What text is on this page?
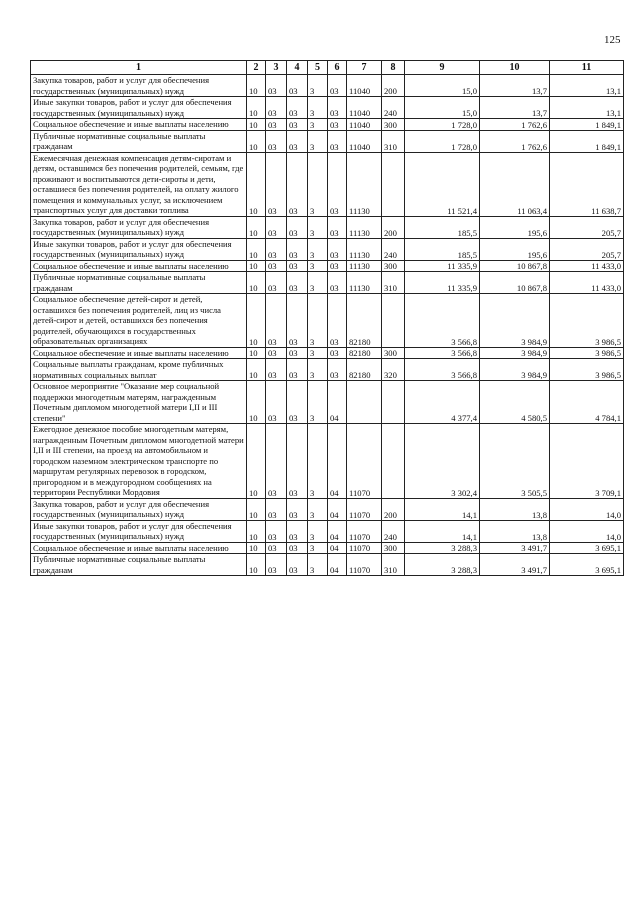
125
1	2	3	4	5	6	7	8	9	10	11
Закупка товаров, работ и услуг для обеспечения государственных (муниципальных) нужд	10	03	03	3	03	11040	200	15,0	13,7	13,1
Иные закупки товаров, работ и услуг для обеспечения государственных (муниципальных) нужд	10	03	03	3	03	11040	240	15,0	13,7	13,1
Социальное обеспечение и иные выплаты населению	10	03	03	3	03	11040	300	1 728,0	1 762,6	1 849,1
Публичные нормативные социальные выплаты гражданам	10	03	03	3	03	11040	310	1 728,0	1 762,6	1 849,1
Ежемесячная денежная компенсация детям-сиротам и детям, оставшимся без попечения родителей, семьям, где проживают и воспитываются дети-сироты и дети, оставшиеся без попечения родителей, на оплату жилого помещения и коммунальных услуг, за исключением транспортных услуг для доставки топлива	10	03	03	3	03	11130		11 521,4	11 063,4	11 638,7
Закупка товаров, работ и услуг для обеспечения государственных (муниципальных) нужд	10	03	03	3	03	11130	200	185,5	195,6	205,7
Иные закупки товаров, работ и услуг для обеспечения государственных (муниципальных) нужд	10	03	03	3	03	11130	240	185,5	195,6	205,7
Социальное обеспечение и иные выплаты населению	10	03	03	3	03	11130	300	11 335,9	10 867,8	11 433,0
Публичные нормативные социальные выплаты гражданам	10	03	03	3	03	11130	310	11 335,9	10 867,8	11 433,0
Социальное обеспечение детей-сирот и детей, оставшихся без попечения родителей, лиц из числа детей-сирот и детей, оставшихся без попечения родителей, обучающихся в государственных образовательных организациях	10	03	03	3	03	82180		3 566,8	3 984,9	3 986,5
Социальное обеспечение и иные выплаты населению	10	03	03	3	03	82180	300	3 566,8	3 984,9	3 986,5
Социальные выплаты гражданам, кроме публичных нормативных социальных выплат	10	03	03	3	03	82180	320	3 566,8	3 984,9	3 986,5
Основное мероприятие "Оказание мер социальной поддержки многодетным матерям, награжденным Почетным дипломом многодетной матери I,II и III степени"	10	03	03	3	04			4 377,4	4 580,5	4 784,1
Ежегодное денежное пособие многодетным матерям, награжденным Почетным дипломом многодетной матери I,II и III степени, на проезд на автомобильном и городском наземном электрическом транспорте по маршрутам регулярных перевозок в городском, пригородном и в междугородном сообщениях на территории Республики Мордовия	10	03	03	3	04	11070		3 302,4	3 505,5	3 709,1
Закупка товаров, работ и услуг для обеспечения государственных (муниципальных) нужд	10	03	03	3	04	11070	200	14,1	13,8	14,0
Иные закупки товаров, работ и услуг для обеспечения государственных (муниципальных) нужд	10	03	03	3	04	11070	240	14,1	13,8	14,0
Социальное обеспечение и иные выплаты населению	10	03	03	3	04	11070	300	3 288,3	3 491,7	3 695,1
Публичные нормативные социальные выплаты гражданам	10	03	03	3	04	11070	310	3 288,3	3 491,7	3 695,1
